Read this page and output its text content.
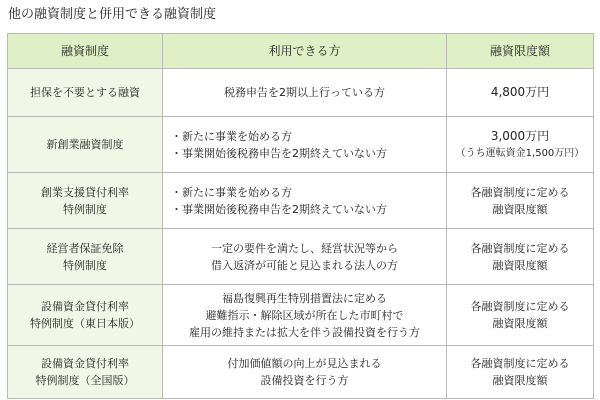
他の融資制度と併用できる融資制度
融資制度	利用できる方	融資限度額

担保を不要とする融資	税務申告を2期以上行っている方	4,800万円

新創業融資制度	・新たに事業を始める方
・事業開始後税務申告を2期終えていない方	3,000万円
（うち運転資金1,500万円）

創業支援貸付利率
特例制度	・新たに事業を始める方
・事業開始後税務申告を2期終えていない方	各融資制度に定める
融資限度額

経営者保証免除
特例制度	一定の要件を満たし、経営状況等から
借入返済が可能と見込まれる法人の方	各融資制度に定める
融資限度額

設備資金貸付利率
特例制度（東日本版）	福島復興再生特別措置法に定める
避難指示・解除区域が所在した市町村で
雇用の維持または拡大を伴う設備投資を行う方	各融資制度に定める
融資限度額

設備資金貸付利率
特例制度（全国版）	付加価値額の向上が見込まれる
設備投資を行う方	各融資制度に定める
融資限度額
